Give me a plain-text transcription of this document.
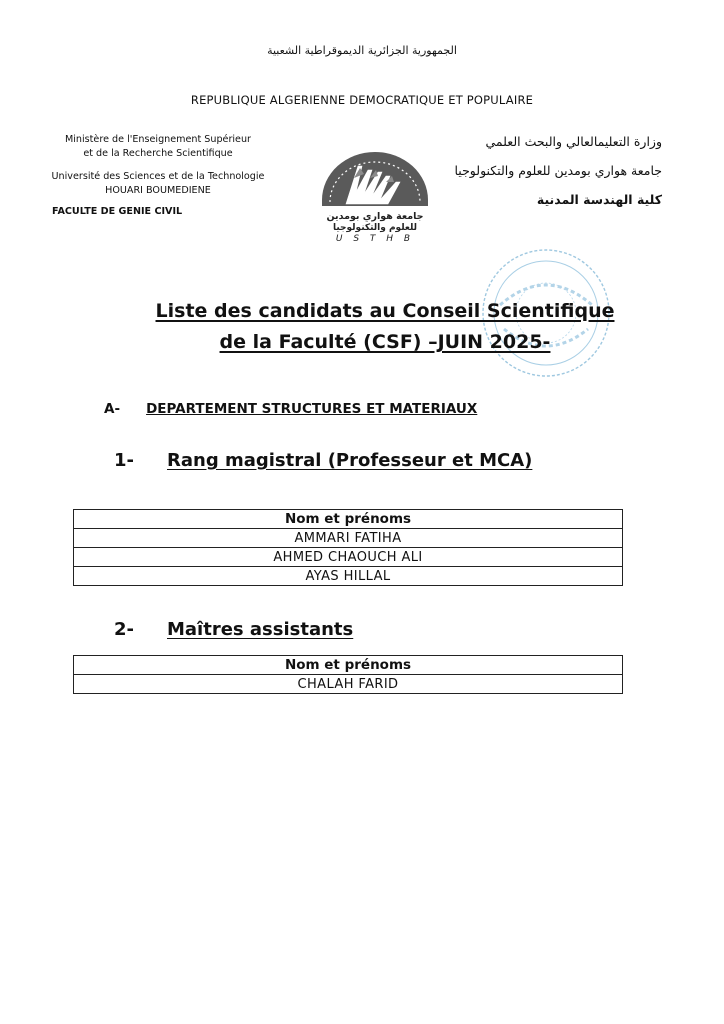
الجمهورية الجزائرية الديموقراطية الشعبية
REPUBLIQUE ALGERIENNE DEMOCRATIQUE ET POPULAIRE
Ministère de l'Enseignement Supérieur
et de la Recherche Scientifique
Université des Sciences et de la Technologie
HOUARI BOUMEDIENE
FACULTE DE GENIE CIVIL
وزارة التعليمالعالي والبحث العلمي
جامعة هواري بومدين للعلوم والتكنولوجيا
كلية الهندسة المدنية
جامعة هواري بومدين
للعلوم والتكنولوجيا
U S T H B
Liste des candidats au Conseil Scientifique
de la Faculté (CSF) –JUIN 2025-
A- DEPARTEMENT STRUCTURES ET MATERIAUX
1- Rang magistral (Professeur et MCA)
Nom et prénoms
AMMARI FATIHA
AHMED CHAOUCH ALI
AYAS HILLAL
2- Maîtres assistants
Nom et prénoms
CHALAH FARID
